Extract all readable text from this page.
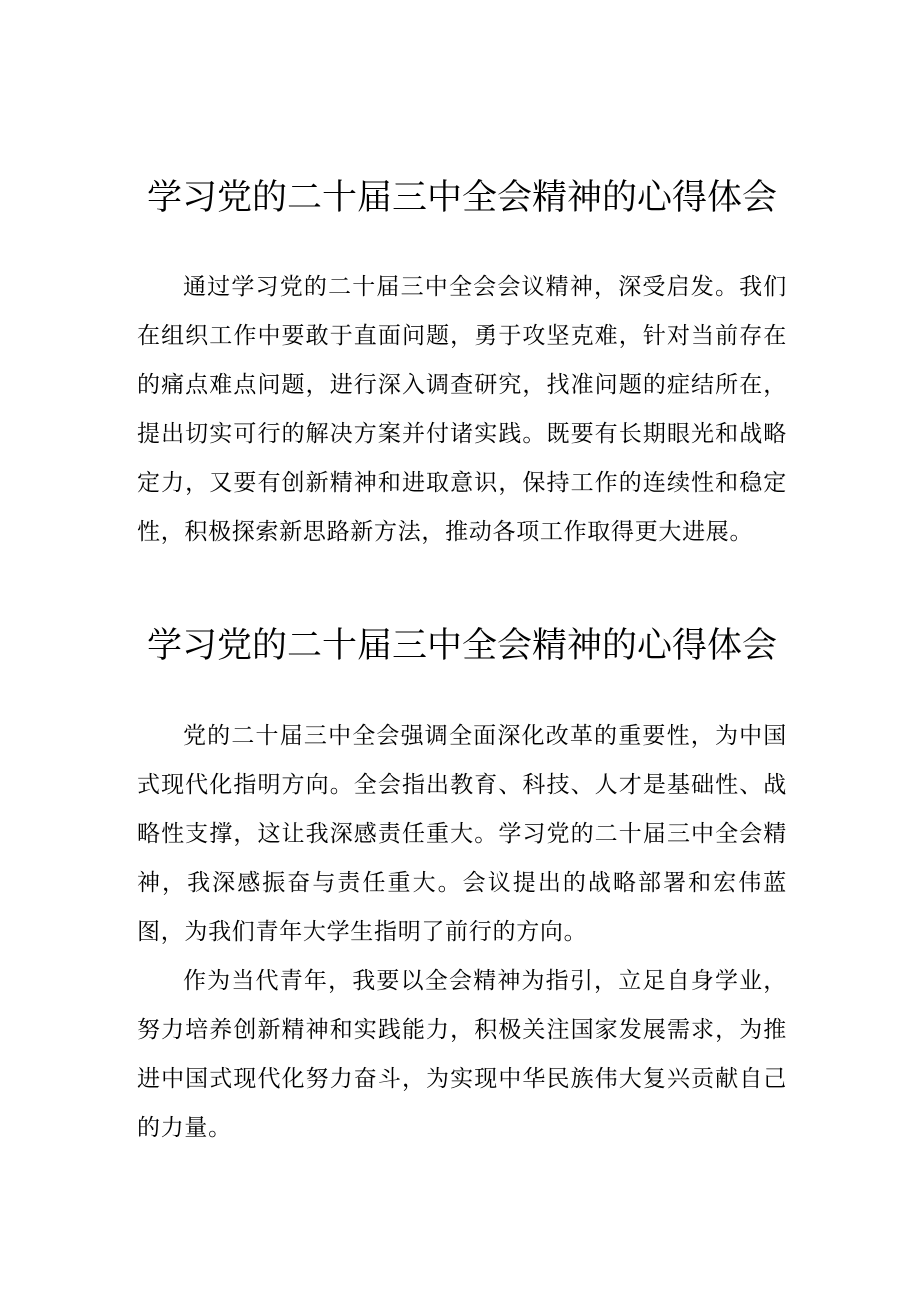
学习党的二十届三中全会精神的心得体会

通过学习党的二十届三中全会会议精神，深受启发。我们在组织工作中要敢于直面问题，勇于攻坚克难，针对当前存在的痛点难点问题，进行深入调查研究，找准问题的症结所在，提出切实可行的解决方案并付诸实践。既要有长期眼光和战略定力，又要有创新精神和进取意识，保持工作的连续性和稳定性，积极探索新思路新方法，推动各项工作取得更大进展。

学习党的二十届三中全会精神的心得体会

党的二十届三中全会强调全面深化改革的重要性，为中国式现代化指明方向。全会指出教育、科技、人才是基础性、战略性支撑，这让我深感责任重大。学习党的二十届三中全会精神，我深感振奋与责任重大。会议提出的战略部署和宏伟蓝图，为我们青年大学生指明了前行的方向。

作为当代青年，我要以全会精神为指引，立足自身学业，努力培养创新精神和实践能力，积极关注国家发展需求，为推进中国式现代化努力奋斗，为实现中华民族伟大复兴贡献自己的力量。
